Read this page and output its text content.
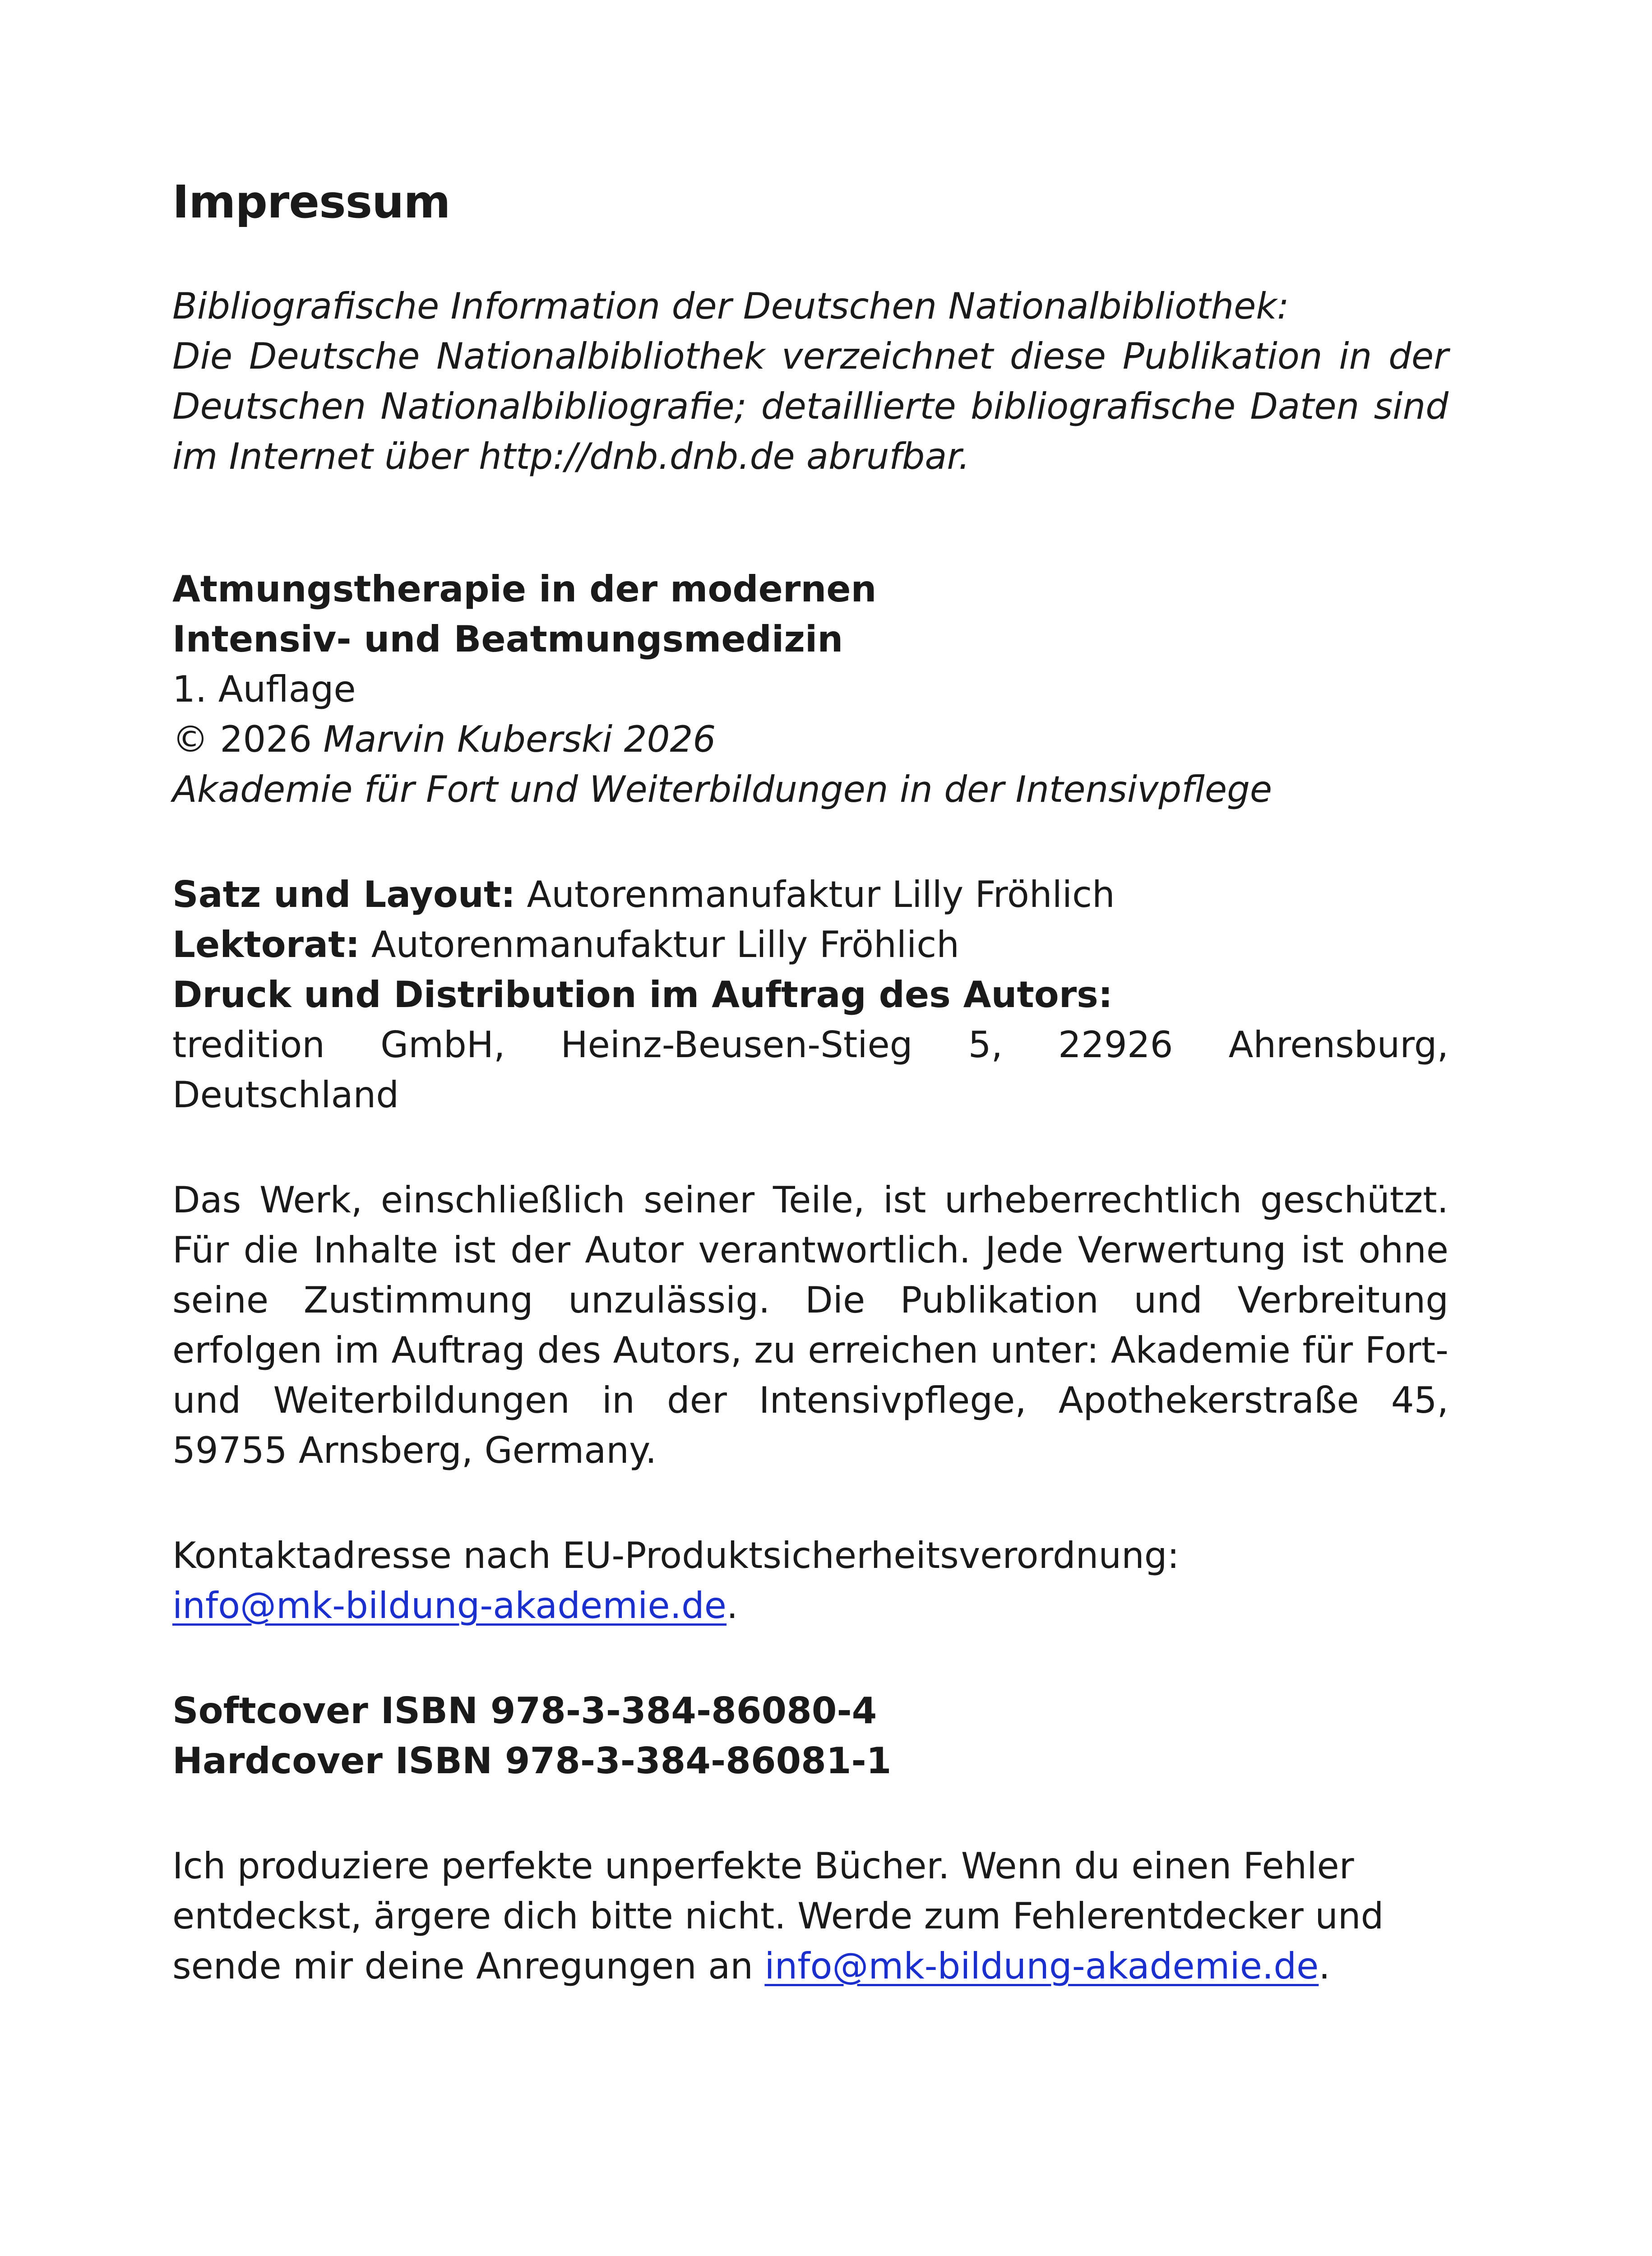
Impressum
Bibliografische Information der Deutschen Nationalbibliothek:
Die Deutsche Nationalbibliothek verzeichnet diese Publikation in der Deutschen Nationalbibliografie; detaillierte bibliografische Daten sind im Internet über http://dnb.dnb.de abrufbar.
Atmungstherapie in der modernen
Intensiv- und Beatmungsmedizin
1. Auflage
© 2026 Marvin Kuberski 2026
Akademie für Fort und Weiterbildungen in der Intensivpflege
Satz und Layout: Autorenmanufaktur Lilly Fröhlich
Lektorat: Autorenmanufaktur Lilly Fröhlich
Druck und Distribution im Auftrag des Autors:
tredition GmbH, Heinz-Beusen-Stieg 5, 22926 Ahrensburg,
Deutschland

Das Werk, einschließlich seiner Teile, ist urheberrechtlich geschützt. Für die Inhalte ist der Autor verantwortlich. Jede Verwertung ist ohne seine Zustimmung unzulässig. Die Publikation und Verbreitung erfolgen im Auftrag des Autors, zu erreichen unter: Akademie für Fort- und Weiterbildungen in der Intensivpflege, Apothekerstraße 45, 59755 Arnsberg, Germany.

Kontaktadresse nach EU-Produktsicherheitsverordnung:
info@mk-bildung-akademie.de.
Softcover ISBN 978-3-384-86080-4
Hardcover ISBN 978-3-384-86081-1

Ich produziere perfekte unperfekte Bücher. Wenn du einen Fehler entdeckst, ärgere dich bitte nicht. Werde zum Fehlerentdecker und sende mir deine Anregungen an info@mk-bildung-akademie.de.
